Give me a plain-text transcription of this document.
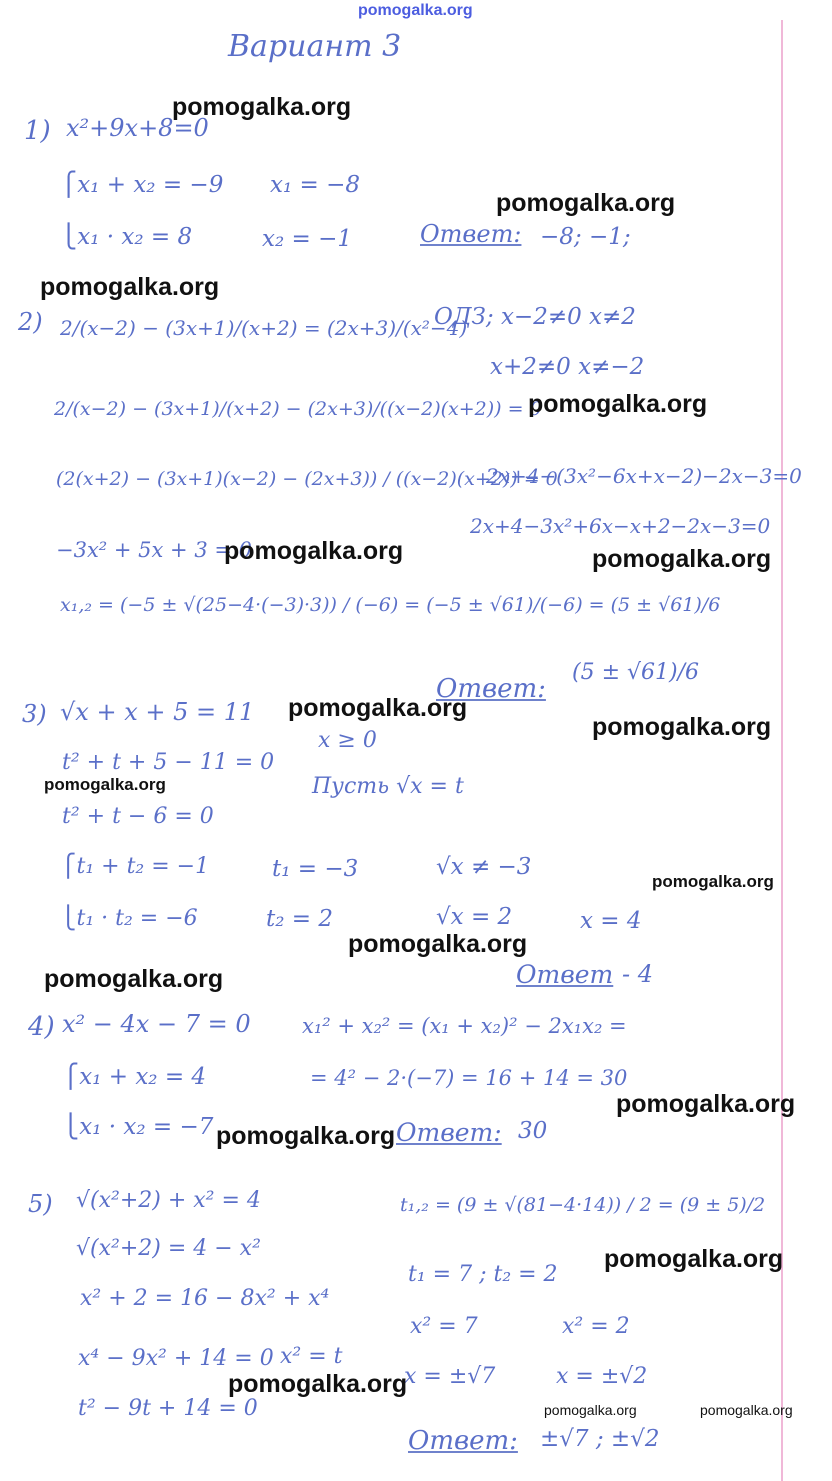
pomogalka.org
Вариант 3
1) x²+9x+8=0
⎧x₁ + x₂ = −9
⎩x₁ · x₂ = 8
x₁ = −8
x₂ = −1	Ответ: −8; −1;
2) 2/(x−2) − (3x+1)/(x+2) = (2x+3)/(x²−4)
ОДЗ; x−2≠0 x≠2
x+2≠0 x≠−2
2/(x−2) − (3x+1)/(x+2) − (2x+3)/((x−2)(x+2)) = 0
(2(x+2) − (3x+1)(x−2) − (2x+3)) / ((x−2)(x+2)) = 0
2x+4−(3x²−6x+x−2)−2x−3=0
2x+4−3x²+6x−x+2−2x−3=0
−3x² + 5x + 3 = 0
x₁,₂ = (−5 ± √(25−4·(−3)·3)) / (−6) = (−5 ± √61)/(−6) = (5 ± √61)/6
Ответ:
(5 ± √61)/6
3) √x + x + 5 = 11
x ≥ 0
Пусть √x = t
t² + t + 5 − 11 = 0
t² + t − 6 = 0
⎧t₁ + t₂ = −1
⎩t₁ · t₂ = −6
t₁ = −3
t₂ = 2
√x ≠ −3
√x = 2	x = 4
Ответ - 4
4) x² − 4x − 7 = 0
⎧x₁ + x₂ = 4
⎩x₁ · x₂ = −7
x₁² + x₂² = (x₁ + x₂)² − 2x₁x₂ =
= 4² − 2·(−7) = 16 + 14 = 30
Ответ: 30
5) √(x²+2) + x² = 4
√(x²+2) = 4 − x²
x² + 2 = 16 − 8x² + x⁴
x⁴ − 9x² + 14 = 0 x² = t
t² − 9t + 14 = 0
t₁,₂ = (9 ± √(81−4·14)) / 2 = (9 ± 5)/2
t₁ = 7 ; t₂ = 2
x² = 7	x² = 2
x = ±√7	x = ±√2
Ответ: ±√7 ; ±√2
pomogalka.org
pomogalka.org
pomogalka.org
pomogalka.org
pomogalka.org	pomogalka.org
pomogalka.org
pomogalka.org
pomogalka.org
pomogalka.org
pomogalka.org
pomogalka.org
pomogalka.org
pomogalka.org
pomogalka.org
pomogalka.org
pomogalka.org	pomogalka.org
